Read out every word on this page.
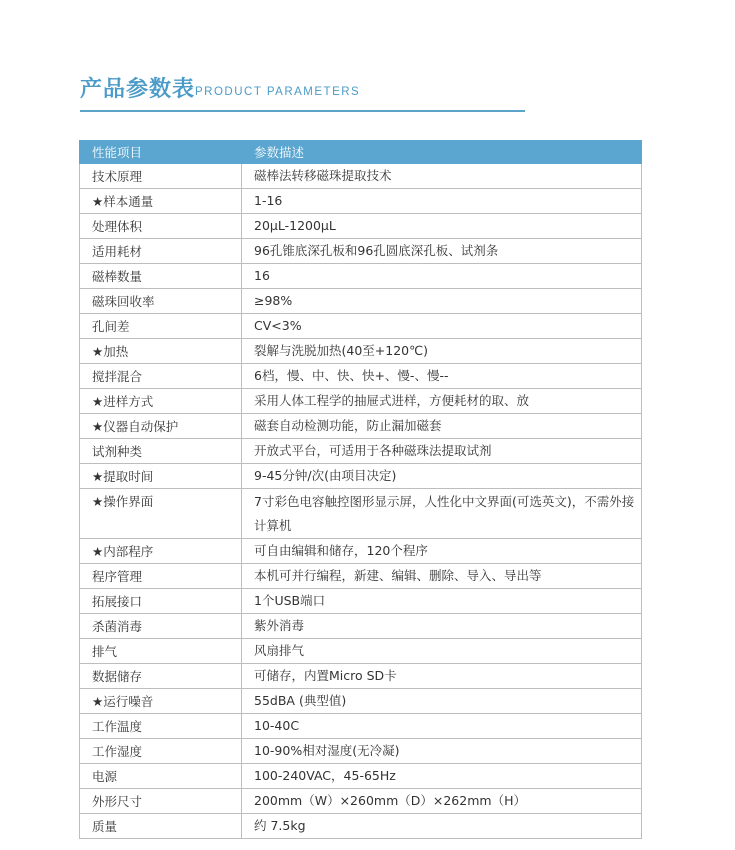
产品参数表 PRODUCT PARAMETERS
性能项目	参数描述
技术原理	磁棒法转移磁珠提取技术
★样本通量	1-16
处理体积	20μL-1200μL
适用耗材	96孔锥底深孔板和96孔圆底深孔板、试剂条
磁棒数量	16
磁珠回收率	≥98%
孔间差	CV<3%
★加热	裂解与洗脱加热(40至+120℃)
搅拌混合	6档，慢、中、快、快+、慢-、慢--
★进样方式	采用人体工程学的抽屉式进样，方便耗材的取、放
★仪器自动保护	磁套自动检测功能，防止漏加磁套
试剂种类	开放式平台，可适用于各种磁珠法提取试剂
★提取时间	9-45分钟/次(由项目决定)
★操作界面	7寸彩色电容触控图形显示屏，人性化中文界面(可选英文)，不需外接计算机
★内部程序	可自由编辑和储存，120个程序
程序管理	本机可并行编程，新建、编辑、删除、导入、导出等
拓展接口	1个USB端口
杀菌消毒	紫外消毒
排气	风扇排气
数据储存	可储存，内置Micro SD卡
★运行噪音	55dBA (典型值)
工作温度	10-40C
工作湿度	10-90%相对湿度(无冷凝)
电源	100-240VAC，45-65Hz
外形尺寸	200mm（W）×260mm（D）×262mm（H）
质量	约 7.5kg
